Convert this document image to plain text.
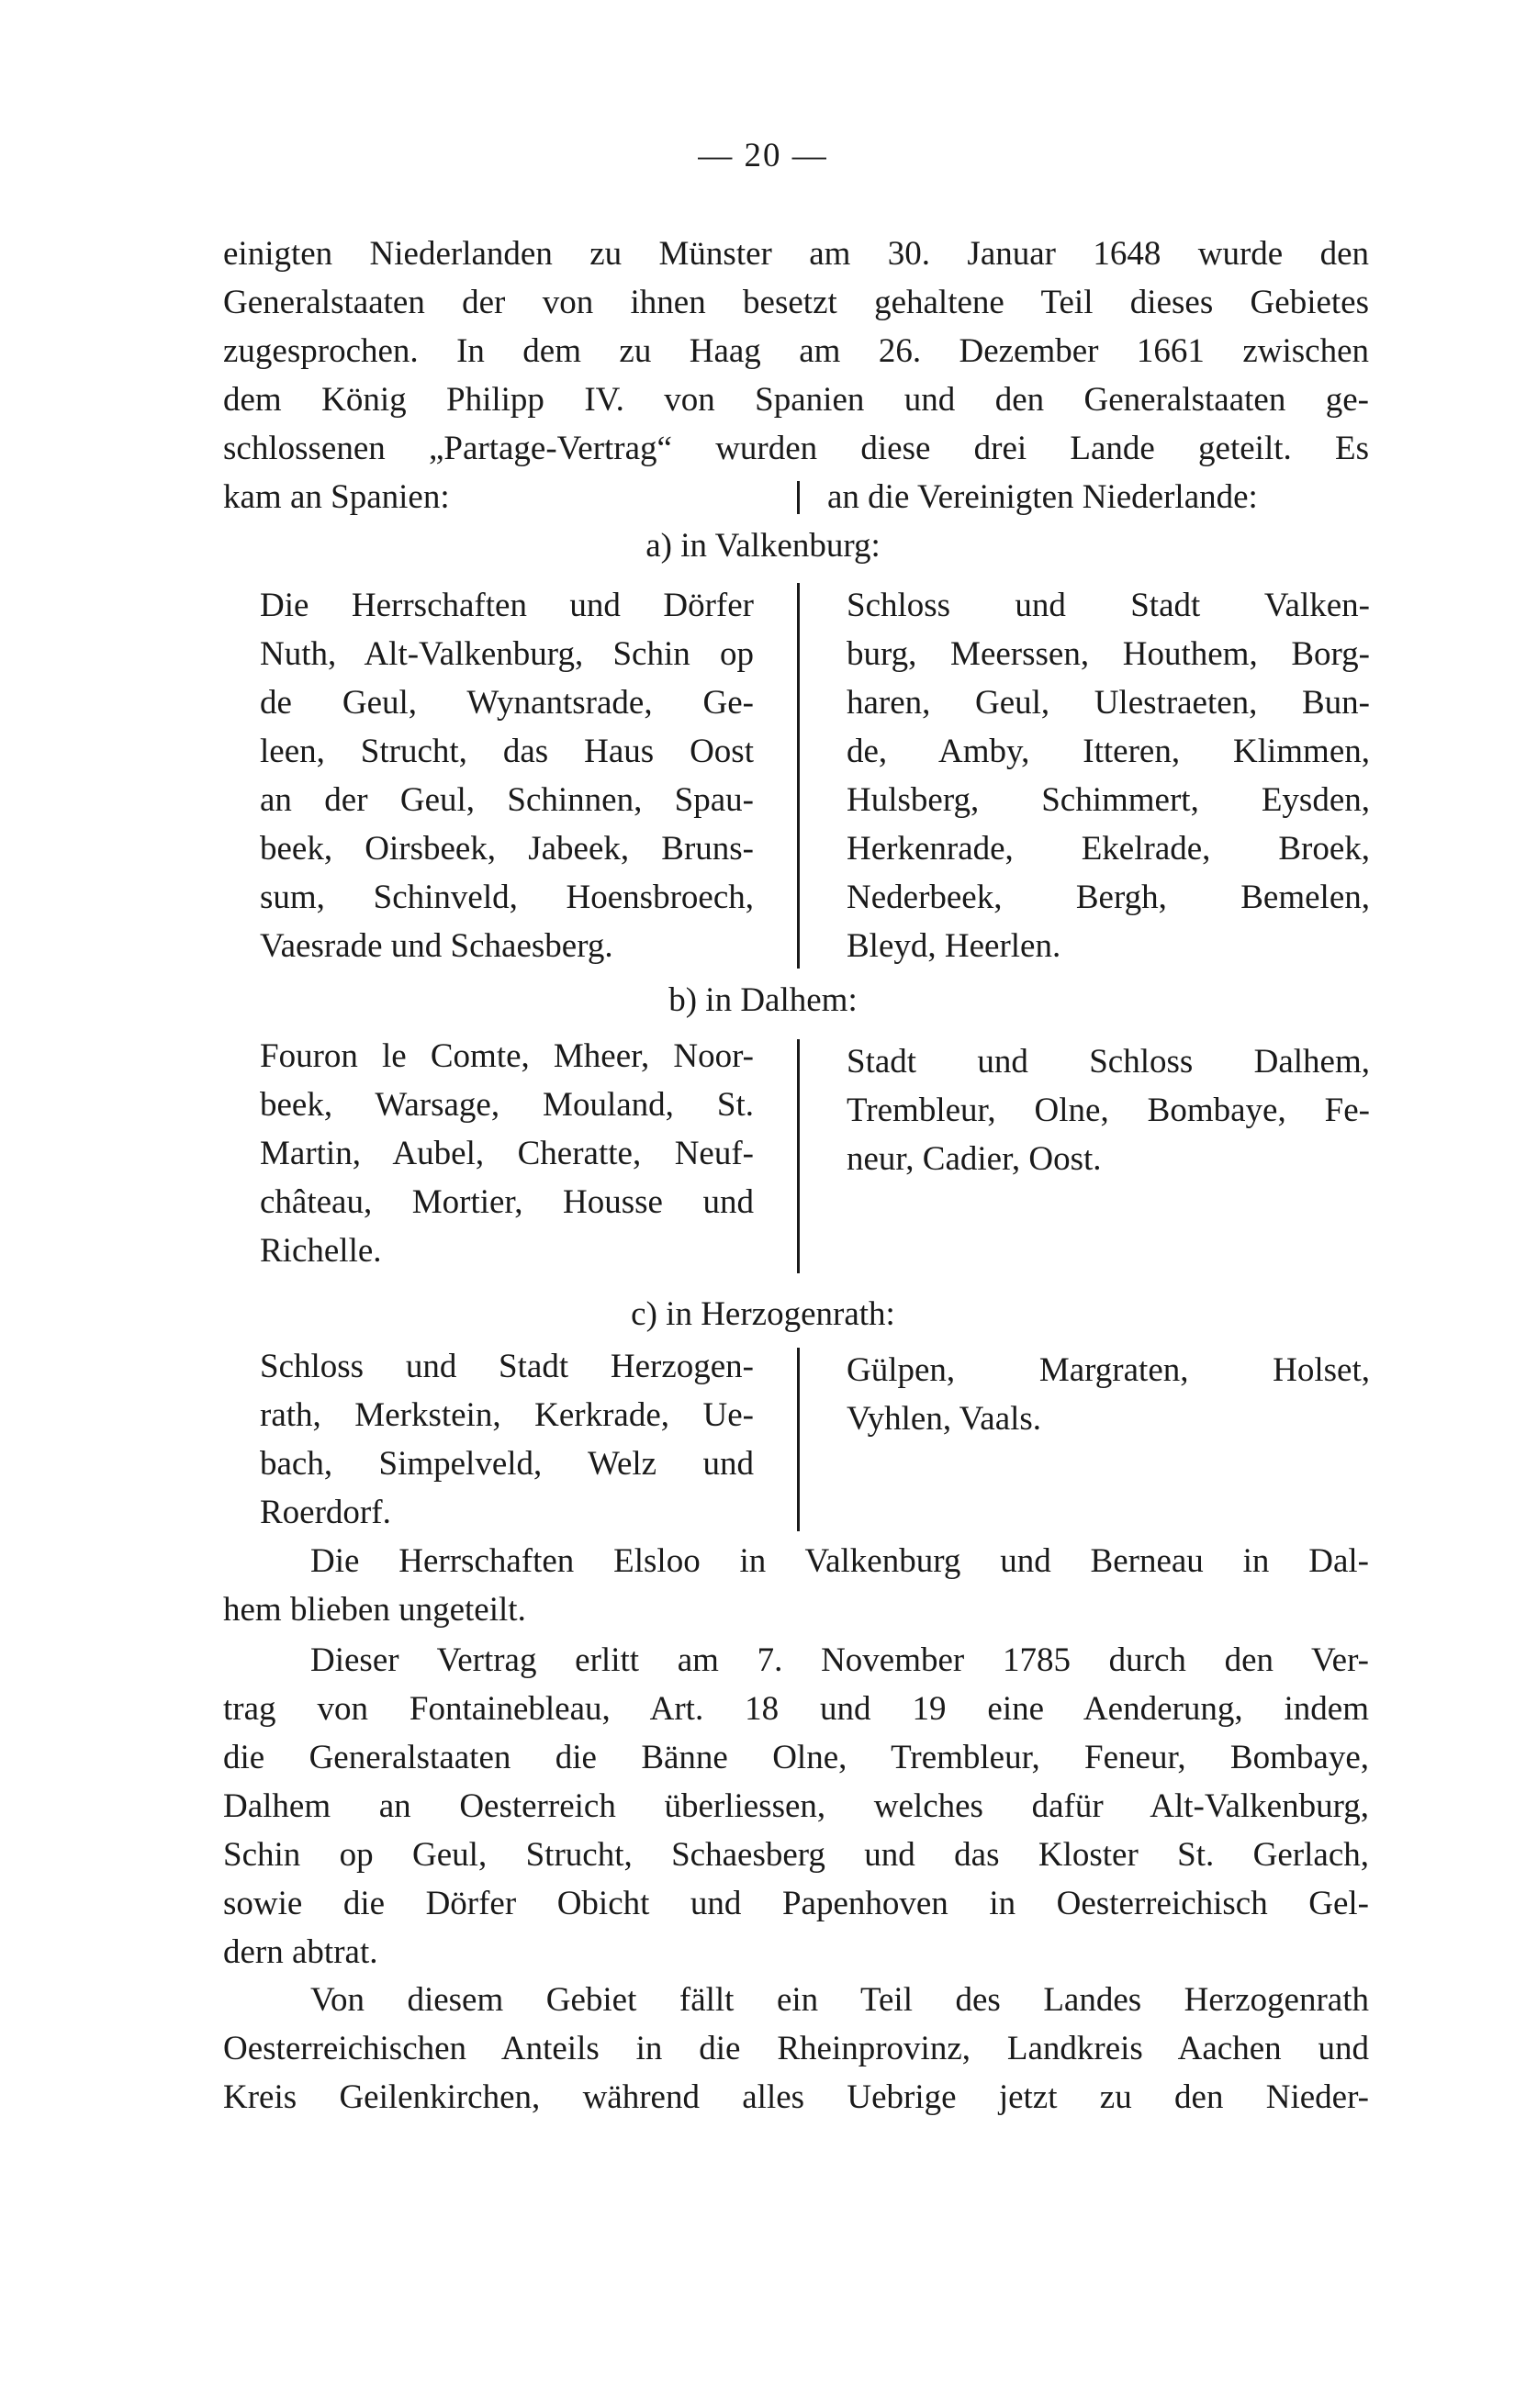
— 20 —
einigten Niederlanden zu Münster am 30. Januar 1648 wurde den
Generalstaaten der von ihnen besetzt gehaltene Teil dieses Gebietes
zugesprochen. In dem zu Haag am 26. Dezember 1661 zwischen
dem König Philipp IV. von Spanien und den Generalstaaten ge-
schlossenen „Partage-Vertrag“ wurden diese drei Lande geteilt. Es
kam an Spanien:	an die Vereinigten Niederlande:
a) in Valkenburg:
Die Herrschaften und Dörfer
Nuth, Alt-Valkenburg, Schin op
de Geul, Wynantsrade, Ge-
leen, Strucht, das Haus Oost
an der Geul, Schinnen, Spau-
beek, Oirsbeek, Jabeek, Bruns-
sum, Schinveld, Hoensbroech,
Vaesrade und Schaesberg.
Schloss und Stadt Valken-
burg, Meerssen, Houthem, Borg-
haren, Geul, Ulestraeten, Bun-
de, Amby, Itteren, Klimmen,
Hulsberg, Schimmert, Eysden,
Herkenrade, Ekelrade, Broek,
Nederbeek, Bergh, Bemelen,
Bleyd, Heerlen.
b) in Dalhem:
Fouron le Comte, Mheer, Noor-
beek, Warsage, Mouland, St.
Martin, Aubel, Cheratte, Neuf-
château, Mortier, Housse und
Richelle.
Stadt und Schloss Dalhem,
Trembleur, Olne, Bombaye, Fe-
neur, Cadier, Oost.
c) in Herzogenrath:
Schloss und Stadt Herzogen-
rath, Merkstein, Kerkrade, Ue-
bach, Simpelveld, Welz und
Roerdorf.
Gülpen, Margraten, Holset,
Vyhlen, Vaals.
Die Herrschaften Elsloo in Valkenburg und Berneau in Dal-
hem blieben ungeteilt.
Dieser Vertrag erlitt am 7. November 1785 durch den Ver-
trag von Fontainebleau, Art. 18 und 19 eine Aenderung, indem
die Generalstaaten die Bänne Olne, Trembleur, Feneur, Bombaye,
Dalhem an Oesterreich überliessen, welches dafür Alt-Valkenburg,
Schin op Geul, Strucht, Schaesberg und das Kloster St. Gerlach,
sowie die Dörfer Obicht und Papenhoven in Oesterreichisch Gel-
dern abtrat.
Von diesem Gebiet fällt ein Teil des Landes Herzogenrath
Oesterreichischen Anteils in die Rheinprovinz, Landkreis Aachen und
Kreis Geilenkirchen, während alles Uebrige jetzt zu den Nieder-
